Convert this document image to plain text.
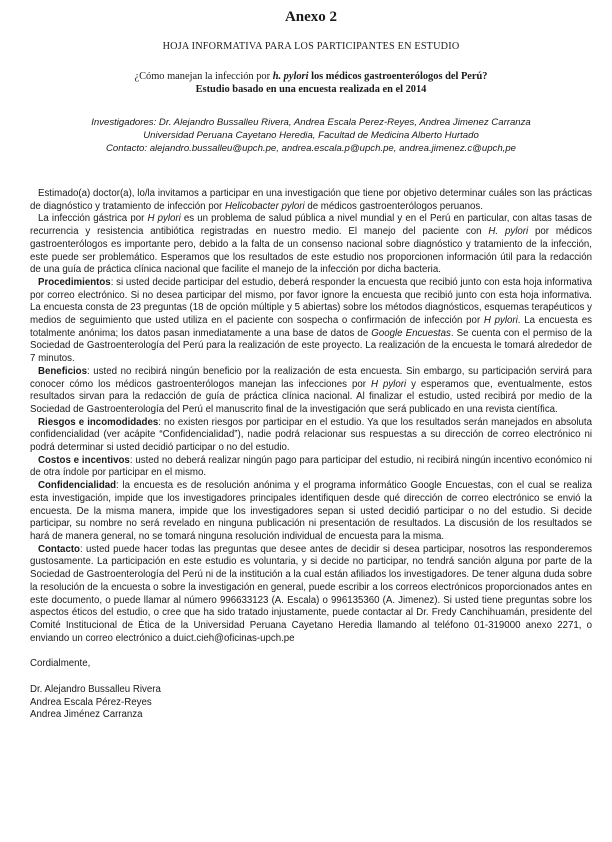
Anexo 2
HOJA INFORMATIVA PARA LOS PARTICIPANTES EN ESTUDIO
¿Cómo manejan la infección por h. pylori los médicos gastroenterólogos del Perú?
Estudio basado en una encuesta realizada en el 2014
Investigadores: Dr. Alejandro Bussalleu Rivera, Andrea Escala Perez-Reyes, Andrea Jimenez Carranza
Universidad Peruana Cayetano Heredia, Facultad de Medicina Alberto Hurtado
Contacto: alejandro.bussalleu@upch.pe, andrea.escala.p@upch.pe, andrea.jimenez.c@upch,pe

Estimado(a) doctor(a), lo/la invitamos a participar en una investigación que tiene por objetivo determinar cuáles son las prácticas de diagnóstico y tratamiento de infección por Helicobacter pylori de médicos gastroenterólogos peruanos.

La infección gástrica por H pylori es un problema de salud pública a nivel mundial y en el Perú en particular, con altas tasas de recurrencia y resistencia antibiótica registradas en nuestro medio. El manejo del paciente con H. pylori por médicos gastroenterólogos es importante pero, debido a la falta de un consenso nacional sobre diagnóstico y tratamiento de la infección, este puede ser problemático. Esperamos que los resultados de este estudio nos proporcionen información útil para la redacción de una guía de práctica clínica nacional que facilite el manejo de la infección por dicha bacteria.

Procedimientos: si usted decide participar del estudio, deberá responder la encuesta que recibió junto con esta hoja informativa por correo electrónico. Si no desea participar del mismo, por favor ignore la encuesta que recibió junto con esta hoja informativa. La encuesta consta de 23 preguntas (18 de opción múltiple y 5 abiertas) sobre los métodos diagnósticos, esquemas terapéuticos y medios de seguimiento que usted utiliza en el paciente con sospecha o confirmación de infección por H pylori. La encuesta es totalmente anónima; los datos pasan inmediatamente a una base de datos de Google Encuestas. Se cuenta con el permiso de la Sociedad de Gastroenterología del Perú para la realización de este proyecto. La realización de la encuesta le tomará alrededor de 7 minutos.

Beneficios: usted no recibirá ningún beneficio por la realización de esta encuesta. Sin embargo, su participación servirá para conocer cómo los médicos gastroenterólogos manejan las infecciones por H pylori y esperamos que, eventualmente, estos resultados sirvan para la redacción de guía de práctica clínica nacional. Al finalizar el estudio, usted recibirá por medio de la Sociedad de Gastroenterología del Perú el manuscrito final de la investigación que será publicado en una revista científica.

Riesgos e incomodidades: no existen riesgos por participar en el estudio. Ya que los resultados serán manejados en absoluta confidencialidad (ver acápite “Confidencialidad”), nadie podrá relacionar sus respuestas a su dirección de correo electrónico ni podrá determinar si usted decidió participar o no del estudio.

Costos e incentivos: usted no deberá realizar ningún pago para participar del estudio, ni recibirá ningún incentivo económico ni de otra índole por participar en el mismo.

Confidencialidad: la encuesta es de resolución anónima y el programa informático Google Encuestas, con el cual se realiza esta investigación, impide que los investigadores principales identifiquen desde qué dirección de correo electrónico se envió la encuesta. De la misma manera, impide que los investigadores sepan si usted decidió participar o no del estudio. Si decide participar, su nombre no será revelado en ninguna publicación ni presentación de resultados. La discusión de los resultados se hará de manera general, no se tomará ninguna resolución individual de encuesta para la misma.

Contacto: usted puede hacer todas las preguntas que desee antes de decidir si desea participar, nosotros las responderemos gustosamente. La participación en este estudio es voluntaria, y si decide no participar, no tendrá sanción alguna por parte de la Sociedad de Gastroenterología del Perú ni de la institución a la cual están afiliados los investigadores. De tener alguna duda sobre la resolución de la encuesta o sobre la investigación en general, puede escribir a los correos electrónicos proporcionados antes en este documento, o puede llamar al número 996633123 (A. Escala) o 996135360 (A. Jimenez). Si usted tiene preguntas sobre los aspectos éticos del estudio, o cree que ha sido tratado injustamente, puede contactar al Dr. Fredy Canchihuamán, presidente del Comité Institucional de Ética de la Universidad Peruana Cayetano Heredia llamando al teléfono 01-319000 anexo 2271, o enviando un correo electrónico a duict.cieh@oficinas-upch.pe

Cordialmente,
Dr. Alejandro Bussalleu Rivera
Andrea Escala Pérez-Reyes
Andrea Jiménez Carranza
